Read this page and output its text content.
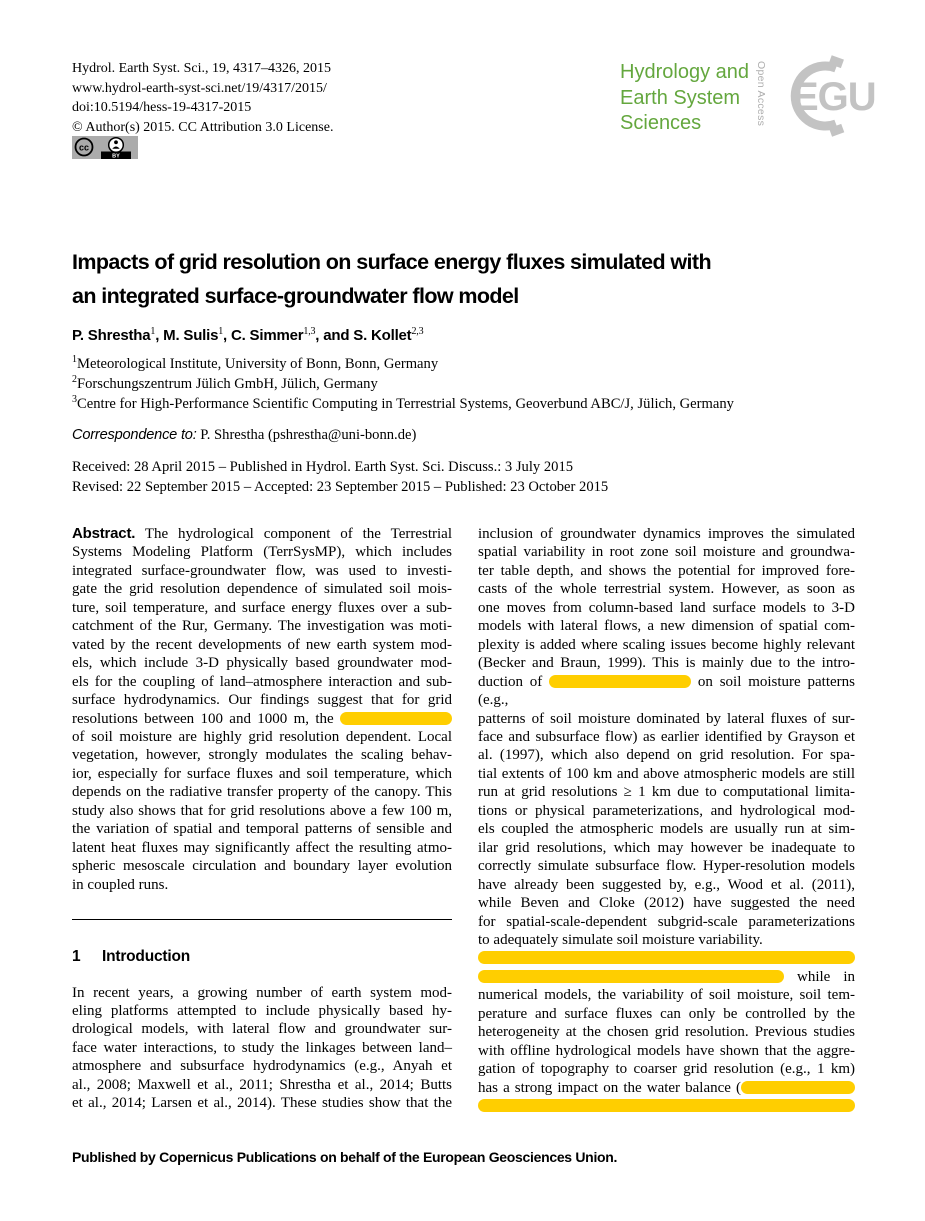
Hydrol. Earth Syst. Sci., 19, 4317–4326, 2015
www.hydrol-earth-syst-sci.net/19/4317/2015/
doi:10.5194/hess-19-4317-2015
© Author(s) 2015. CC Attribution 3.0 License.
cc
BY
Hydrology and
Earth System
Sciences	Open Access EGU
Impacts of grid resolution on surface energy fluxes simulated with
an integrated surface-groundwater flow model
P. Shrestha$^1$, M. Sulis$^1$, C. Simmer$^{1,3}$, and S. Kollet$^{2,3}$
$^1$Meteorological Institute, University of Bonn, Bonn, Germany
$^2$Forschungszentrum Jülich GmbH, Jülich, Germany
$^3$Centre for High-Performance Scientific Computing in Terrestrial Systems, Geoverbund ABC/J, Jülich, Germany
Correspondence to: P. Shrestha (pshrestha@uni-bonn.de)
Received: 28 April 2015 – Published in Hydrol. Earth Syst. Sci. Discuss.: 3 July 2015
Revised: 22 September 2015 – Accepted: 23 September 2015 – Published: 23 October 2015
Abstract. The hydrological component of the Terrestrial
Systems Modeling Platform (TerrSysMP), which includes
integrated surface-groundwater flow, was used to investi-
gate the grid resolution dependence of simulated soil mois-
ture, soil temperature, and surface energy fluxes over a sub-
catchment of the Rur, Germany. The investigation was moti-
vated by the recent developments of new earth system mod-
els, which include 3-D physically based groundwater mod-
els for the coupling of land–atmosphere interaction and sub-
surface hydrodynamics. Our findings suggest that for grid
resolutions between 100 and 1000 m, the
of soil moisture are highly grid resolution dependent. Local
vegetation, however, strongly modulates the scaling behav-
ior, especially for surface fluxes and soil temperature, which
depends on the radiative transfer property of the canopy. This
study also shows that for grid resolutions above a few 100 m,
the variation of spatial and temporal patterns of sensible and
latent heat fluxes may significantly affect the resulting atmo-
spheric mesoscale circulation and boundary layer evolution
in coupled runs.
1 Introduction
In recent years, a growing number of earth system mod-
eling platforms attempted to include physically based hy-
drological models, with lateral flow and groundwater sur-
face water interactions, to study the linkages between land–
atmosphere and subsurface hydrodynamics (e.g., Anyah et
al., 2008; Maxwell et al., 2011; Shrestha et al., 2014; Butts
et al., 2014; Larsen et al., 2014). These studies show that the
inclusion of groundwater dynamics improves the simulated
spatial variability in root zone soil moisture and groundwa-
ter table depth, and shows the potential for improved fore-
casts of the whole terrestrial system. However, as soon as
one moves from column-based land surface models to 3-D
models with lateral flows, a new dimension of spatial com-
plexity is added where scaling issues become highly relevant
(Becker and Braun, 1999). This is mainly due to the intro-
duction of	on soil moisture patterns (e.g.,
patterns of soil moisture dominated by lateral fluxes of sur-
face and subsurface flow) as earlier identified by Grayson et
al. (1997), which also depend on grid resolution. For spa-
tial extents of 100 km and above atmospheric models are still
run at grid resolutions ≥ 1 km due to computational limita-
tions or physical parameterizations, and hydrological mod-
els coupled the atmospheric models are usually run at sim-
ilar grid resolutions, which may however be inadequate to
correctly simulate subsurface flow. Hyper-resolution models
have already been suggested by, e.g., Wood et al. (2011),
while Beven and Cloke (2012) have suggested the need
for spatial-scale-dependent subgrid-scale parameterizations
to adequately simulate soil moisture variability.
while in
numerical models, the variability of soil moisture, soil tem-
perature and surface fluxes can only be controlled by the
heterogeneity at the chosen grid resolution. Previous studies
with offline hydrological models have shown that the aggre-
gation of topography to coarser grid resolution (e.g., 1 km)
has a strong impact on the water balance (
Published by Copernicus Publications on behalf of the European Geosciences Union.
